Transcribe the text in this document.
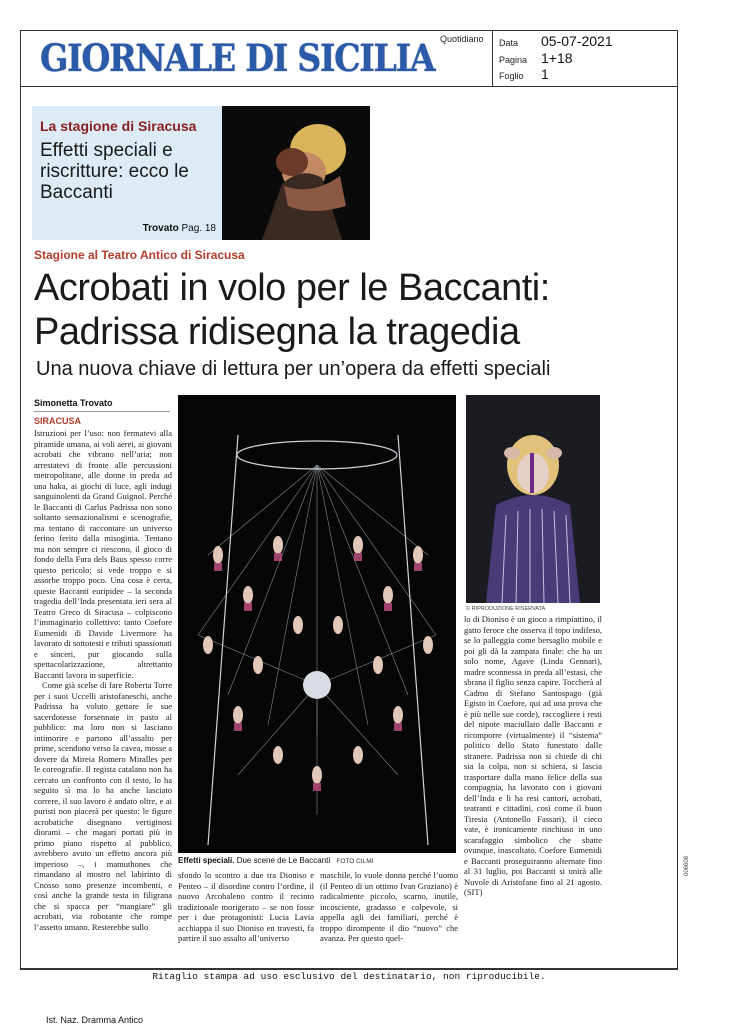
GIORNALE DI SICILIA Quotidiano Data 05-07-2021
Pagina 1+18
Foglio 1
La stagione di Siracusa
Effetti speciali e riscritture: ecco le Baccanti
Trovato Pag. 18
Stagione al Teatro Antico di Siracusa
Acrobati in volo per le Baccanti: Padrissa ridisegna la tragedia
Una nuova chiave di lettura per un’opera da effetti speciali
Simonetta Trovato
SIRACUSA

Istruzioni per l’uso: non fermatevi alla piramide umana, ai voli aerei, ai giovani acrobati che vibrano nell’aria; non arrestatevi di fronte alle percussioni metropolitane, alle donne in preda ad una haka, ai giochi di luce, agli indugi sanguinolenti da Grand Guignol. Perché le Baccanti di Carlus Padrissa non sono soltanto sensazionalismi e scenografie, ma tentano di raccontare un universo ferino ferito dalla misoginia. Tentano ma non sempre ci riescono, il gioco di fondo della Fura dels Baus spesso corre questo pericolo: si vede troppo e si assorbe troppo poco. Una cosa è certa, queste Baccanti euripidee – la seconda tragedia dell’Inda presentata ieri sera al Teatro Greco di Siracusa – colpiscono l’immaginario collettivo: tanto Coefore Eumenidi di Davide Livermore ha lavorato di sottotesti e tributi spassionati e sinceri, pur giocando sulla spettacolarizzazione, altrettanto Baccanti lavora in superficie.

Come già scelse di fare Roberta Torre per i suoi Uccelli aristofaneschi, anche Padrissa ha voluto gettare le sue sacerdotesse forsennate in pasto al pubblico: ma loro non si lasciano intimorire e partono all’assalto per prime, scendono verso la cavea, mosse a dovere da Mireia Romero Miralles per le coreografie. Il regista catalano non ha cercato un confronto con il testo, lo ha seguito sì ma lo ha anche lasciato correre, il suo lavoro è andato oltre, e ai puristi non piacerà per questo: le figure acrobatiche disegnano vertiginosi diorami – che magari portati più in primo piano rispetto al pubblico, avrebbero avuto un effetto ancora più imperioso –, i mamuthones che rimandano al mostro nel labirinto di Cnosso sono presenze incombenti, e così anche la grande testa in filigrana che si spacca per “mangiare” gli acrobati, via robotante che rompe l’assetto umano. Resterebbe sullo

Effetti speciali. Due scene de Le Baccanti FOTO CILMI
© RIPRODUZIONE RISERVATA

sfondo lo scontro a due tra Dioniso e Penteo – il disordine contro l’ordine, il nuovo Arcobaleno contro il recinto tradizionale morigerato – se non fosse per i due protagonisti: Lucia Lavia acchiappa il suo Dioniso en travesti, fa partire il suo assalto all’universo

maschile, lo vuole donna perché l’uomo (il Penteo di un ottimo Ivan Graziano) è radicalmente piccolo, scarno, inutile, incosciente, gradasso e colpevole, si appella agli dei familiari, perché è troppo dirompente il dio “nuovo” che avanza. Per questo quel-

lo di Dioniso è un gioco a rimpiattino, il gatto feroce che osserva il topo indifeso, se lo palleggia come bersaglio mobile e poi gli dà la zampata finale: che ha un solo nome, Agave (Linda Gennari), madre sconnessa in preda all’estasi, che sbrana il figlio senza capire. Toccherà al Cadmo di Stefano Santospago (già Egisto in Coefore, qui ad una prova che è più nelle sue corde), raccogliere i resti del nipote maciullato dalle Baccanti e ricomporre (virtualmente) il “sistema” politico dello Stato funestato dalle stranere. Padrissa non si chiede di chi sia la colpa, non si schiera, si lascia trasportare dalla mano felice della sua compagnia, ha lavorato con i giovani dell’Inda e li ha resi cantori, acrobati, teatranti e cittadini, così come il buon Tiresia (Antonello Fassari), il cieco vate, è ironicamente rinchiuso in uno scarafaggio simbolico che sbatte ovunque, inascoltato. Coefore Eumenidi e Baccanti proseguiranno alternate fino al 31 luglio, poi Baccanti si unirà alle Nuvole di Aristofane fino al 21 agosto. (SIT)

006608
Ritaglio stampa ad uso esclusivo del destinatario, non riproducibile.
Ist. Naz. Dramma Antico
